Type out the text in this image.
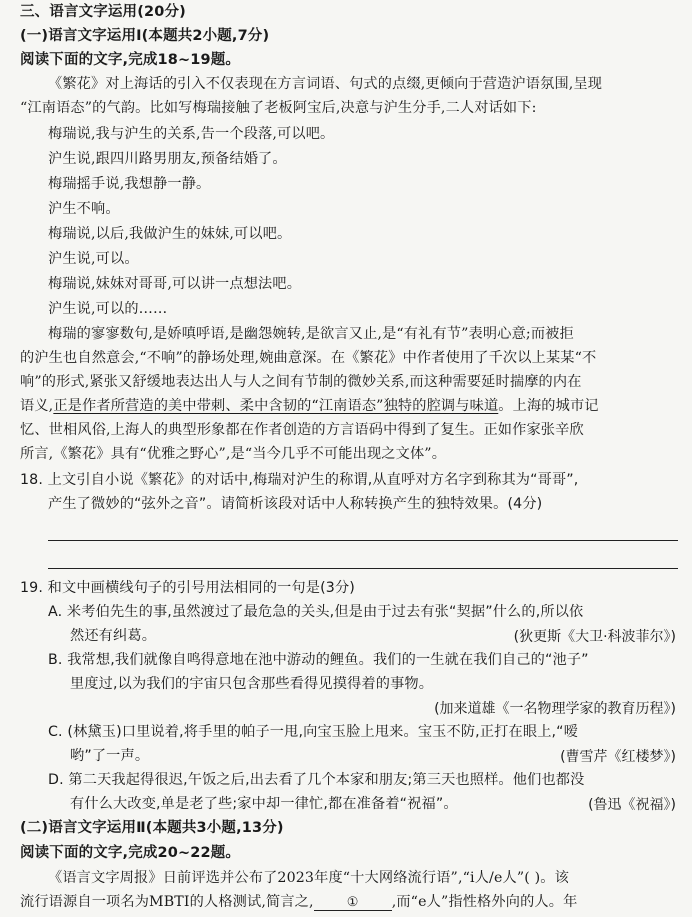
三、语言文字运用(20分)
(一)语言文字运用Ⅰ(本题共2小题,7分)
阅读下面的文字,完成18~19题。
《繁花》对上海话的引入不仅表现在方言词语、句式的点缀,更倾向于营造沪语氛围,呈现
“江南语态”的气韵。比如写梅瑞接触了老板阿宝后,决意与沪生分手,二人对话如下:
梅瑞说,我与沪生的关系,告一个段落,可以吧。
沪生说,跟四川路男朋友,预备结婚了。
梅瑞摇手说,我想静一静。
沪生不响。
梅瑞说,以后,我做沪生的妹妹,可以吧。
沪生说,可以。
梅瑞说,妹妹对哥哥,可以讲一点想法吧。
沪生说,可以的……
梅瑞的寥寥数句,是娇嗔呼语,是幽怨婉转,是欲言又止,是“有礼有节”表明心意;而被拒
的沪生也自然意会,“不响”的静场处理,婉曲意深。在《繁花》中作者使用了千次以上某某“不
响”的形式,紧张又舒缓地表达出人与人之间有节制的微妙关系,而这种需要延时揣摩的内在
语义,正是作者所营造的美中带刺、柔中含韧的“江南语态”独特的腔调与味道。上海的城市记
忆、世相风俗,上海人的典型形象都在作者创造的方言语码中得到了复生。正如作家张辛欣
所言,《繁花》具有“优雅之野心”,是“当今几乎不可能出现之文体”。
18. 上文引自小说《繁花》的对话中,梅瑞对沪生的称谓,从直呼对方名字到称其为“哥哥”,
产生了微妙的“弦外之音”。请简析该段对话中人称转换产生的独特效果。(4分)
19. 和文中画横线句子的引号用法相同的一句是(3分)
A. 米考伯先生的事,虽然渡过了最危急的关头,但是由于过去有张“契据”什么的,所以依
然还有纠葛。	(狄更斯《大卫·科波菲尔》)
B. 我常想,我们就像自鸣得意地在池中游动的鲤鱼。我们的一生就在我们自己的“池子”
里度过,以为我们的宇宙只包含那些看得见摸得着的事物。
(加来道雄《一名物理学家的教育历程》)
C. (林黛玉)口里说着,将手里的帕子一甩,向宝玉脸上甩来。宝玉不防,正打在眼上,“嗳
哟”了一声。	(曹雪芹《红楼梦》)
D. 第二天我起得很迟,午饭之后,出去看了几个本家和朋友;第三天也照样。他们也都没
有什么大改变,单是老了些;家中却一律忙,都在准备着“祝福”。	(鲁迅《祝福》)
(二)语言文字运用Ⅱ(本题共3小题,13分)
阅读下面的文字,完成20~22题。
《语言文字周报》日前评选并公布了2023年度“十大网络流行语”,“i人/e人”( )。该
流行语源自一项名为MBTI的人格测试,简言之,	① ,而“e人”指性格外向的人。年
